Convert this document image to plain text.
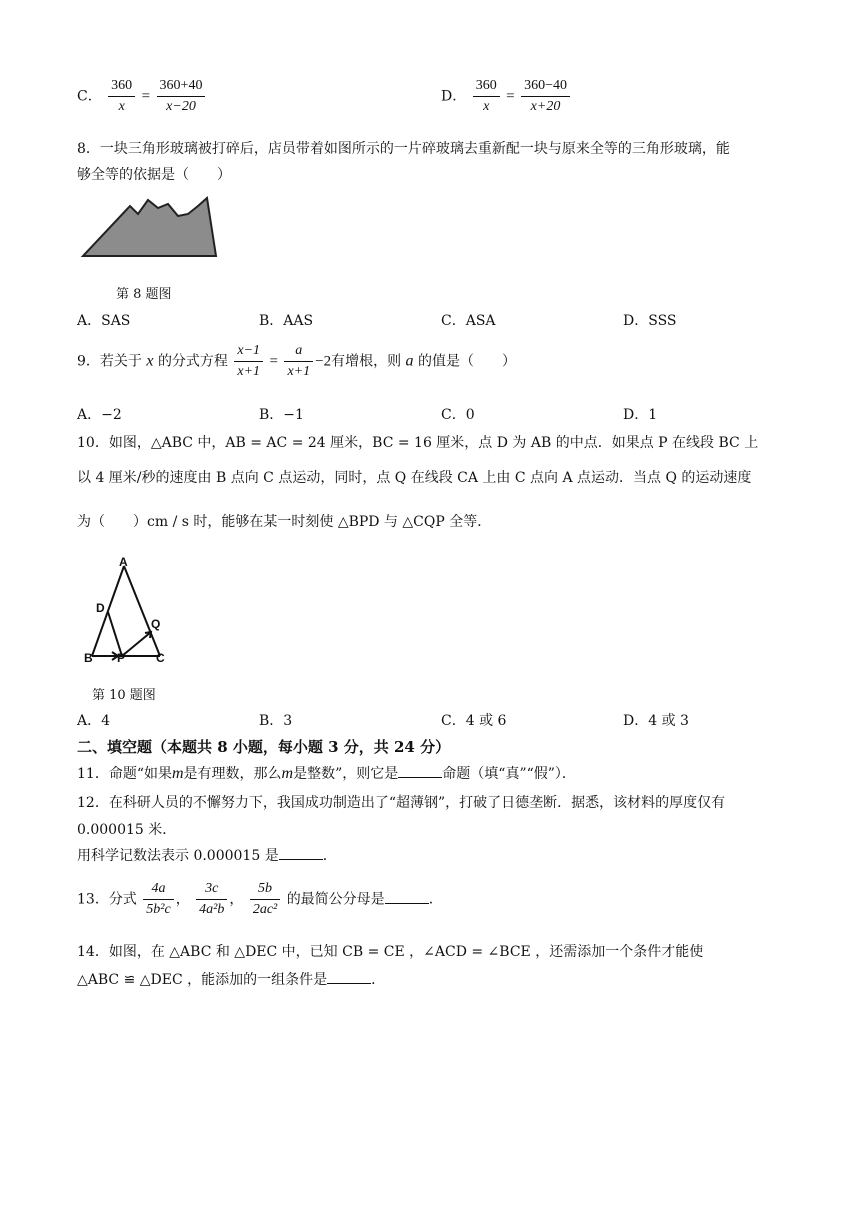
C． $\frac{360}{x} = \frac{360+40}{x-20}$	D． $\frac{360}{x} = \frac{360-40}{x+20}$
8．一块三角形玻璃被打碎后，店员带着如图所示的一片碎玻璃去重新配一块与原来全等的三角形玻璃，能
够全等的依据是（　　）
第 8 题图
A．SAS	B．AAS	C．ASA	D．SSS
9．若关于 x 的分式方程 $\frac{x-1}{x+1} = \frac{a}{x+1} -2$有增根，则 a 的值是（　　）
A．−2	B．−1	C．0	D．1
10．如图，△ABC 中，AB = AC = 24 厘米，BC = 16 厘米，点 D 为 AB 的中点．如果点 P 在线段 BC 上
以 4 厘米/秒的速度由 B 点向 C 点运动，同时，点 Q 在线段 CA 上由 C 点向 A 点运动．当点 Q 的运动速度
为（　　）cm / s 时，能够在某一时刻使 △BPD 与 △CQP 全等．
A
D
Q
B P	C
第 10 题图
A．4	B．3	C．4 或 6	D．4 或 3
二、填空题（本题共 8 小题，每小题 3 分，共 24 分）
11．命题“如果m是有理数，那么m是整数”，则它是	命题（填“真”“假”）．
12．在科研人员的不懈努力下，我国成功制造出了“超薄钢”，打破了日德垄断．据悉，该材料的厚度仅有
0.000015 米．
用科学记数法表示 0.000015 是	．
13．分式 $\frac{4a}{\text{5b²c}}$ ， $\frac{3c}{\text{4a²b}}$ ， $\frac{5b}{\text{2ac²}}$ 的最简公分母是	．
14．如图，在 △ABC 和 △DEC 中，已知 CB = CE ，∠ACD = ∠BCE ，还需添加一个条件才能使
△ABC ≌ △DEC ，能添加的一组条件是	．
